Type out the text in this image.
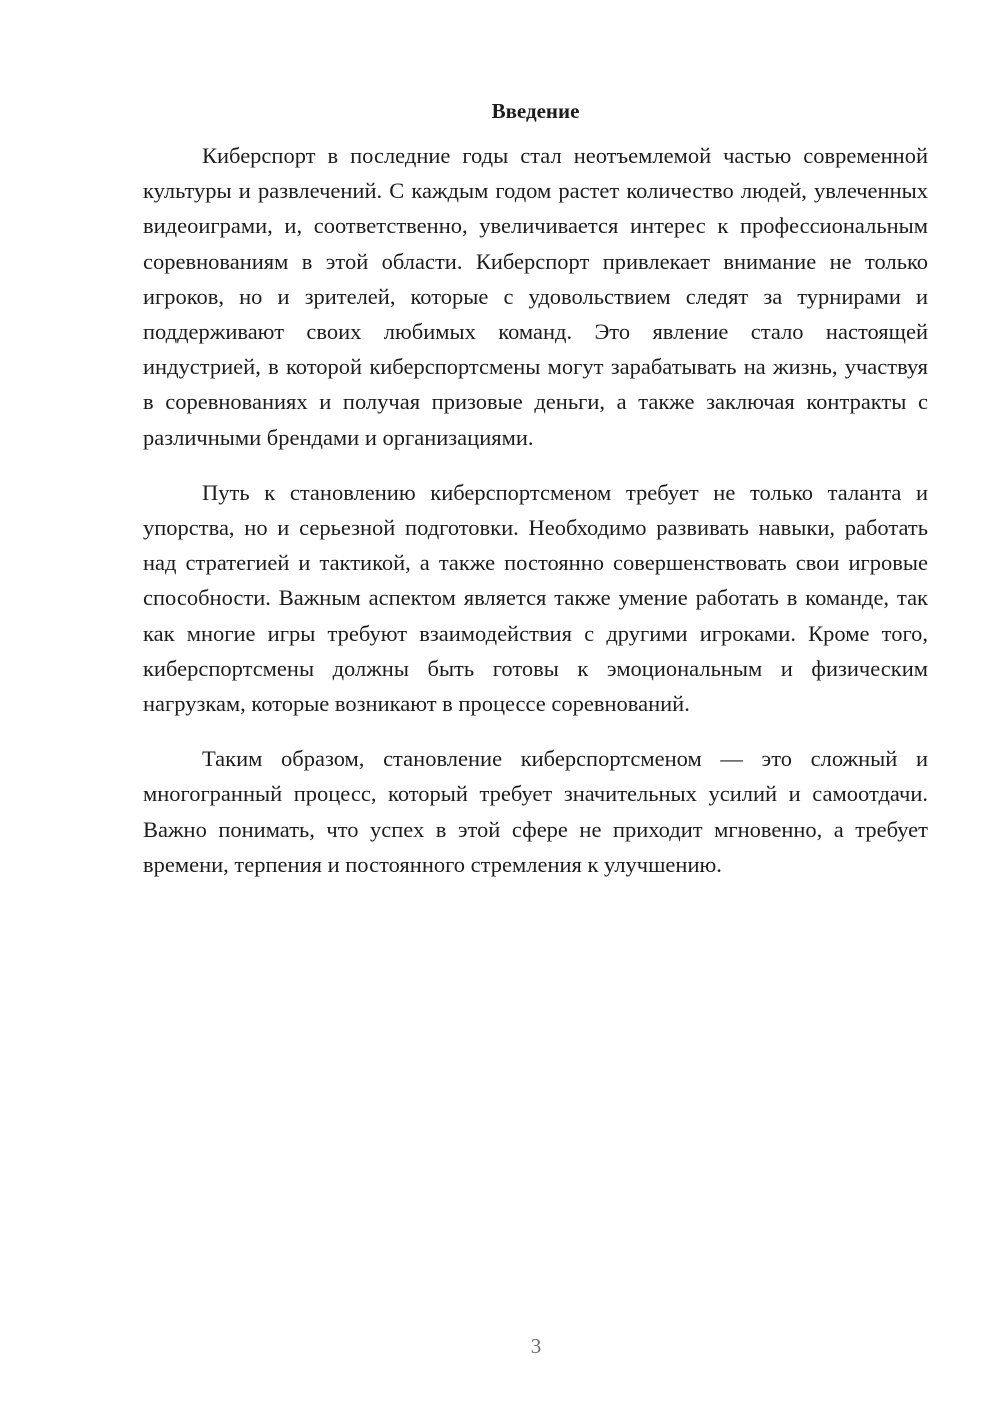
Введение

Киберспорт в последние годы стал неотъемлемой частью современной культуры и развлечений. С каждым годом растет количество людей, увлеченных видеоиграми, и, соответственно, увеличивается интерес к профессиональным соревнованиям в этой области. Киберспорт привлекает внимание не только игроков, но и зрителей, которые с удовольствием следят за турнирами и поддерживают своих любимых команд. Это явление стало настоящей индустрией, в которой киберспортсмены могут зарабатывать на жизнь, участвуя в соревнованиях и получая призовые деньги, а также заключая контракты с различными брендами и организациями.

Путь к становлению киберспортсменом требует не только таланта и упорства, но и серьезной подготовки. Необходимо развивать навыки, работать над стратегией и тактикой, а также постоянно совершенствовать свои игровые способности. Важным аспектом является также умение работать в команде, так как многие игры требуют взаимодействия с другими игроками. Кроме того, киберспортсмены должны быть готовы к эмоциональным и физическим нагрузкам, которые возникают в процессе соревнований.

Таким образом, становление киберспортсменом — это сложный и многогранный процесс, который требует значительных усилий и самоотдачи. Важно понимать, что успех в этой сфере не приходит мгновенно, а требует времени, терпения и постоянного стремления к улучшению.

3
